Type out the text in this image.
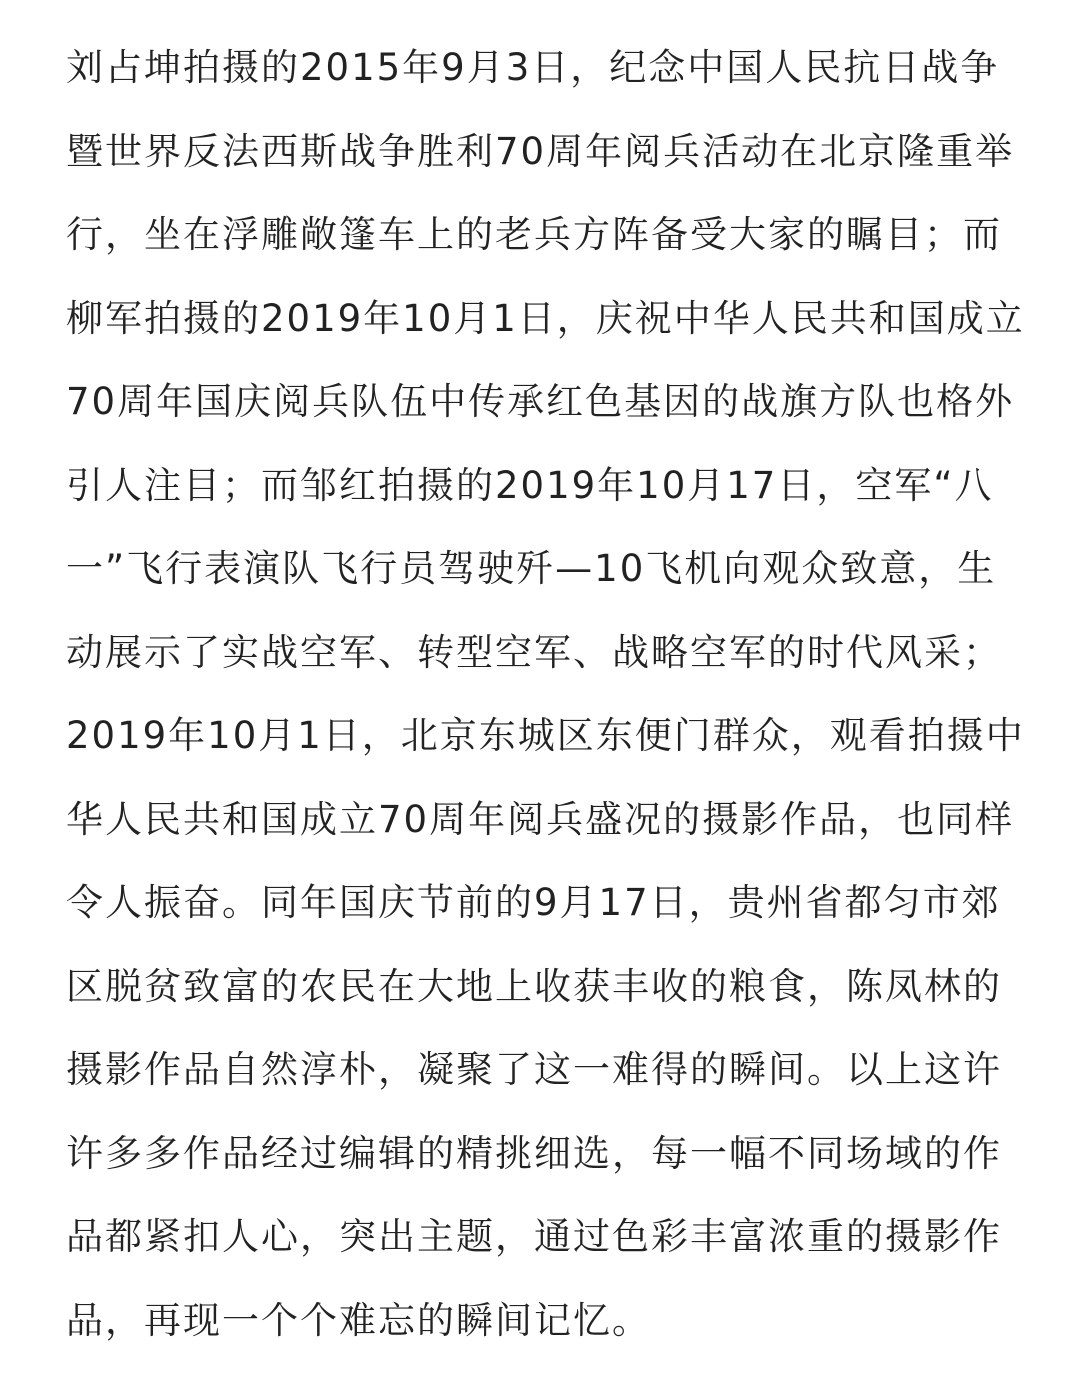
刘占坤拍摄的2015年9月3日，纪念中国人民抗日战争
暨世界反法西斯战争胜利70周年阅兵活动在北京隆重举
行，坐在浮雕敞篷车上的老兵方阵备受大家的瞩目；而
柳军拍摄的2019年10月1日，庆祝中华人民共和国成立
70周年国庆阅兵队伍中传承红色基因的战旗方队也格外
引人注目；而邹红拍摄的2019年10月17日，空军“八
一”飞行表演队飞行员驾驶歼—10飞机向观众致意，生
动展示了实战空军、转型空军、战略空军的时代风采；
2019年10月1日，北京东城区东便门群众，观看拍摄中
华人民共和国成立70周年阅兵盛况的摄影作品，也同样
令人振奋。同年国庆节前的9月17日，贵州省都匀市郊
区脱贫致富的农民在大地上收获丰收的粮食，陈凤林的
摄影作品自然淳朴，凝聚了这一难得的瞬间。以上这许
许多多作品经过编辑的精挑细选，每一幅不同场域的作
品都紧扣人心，突出主题，通过色彩丰富浓重的摄影作
品，再现一个个难忘的瞬间记忆。
